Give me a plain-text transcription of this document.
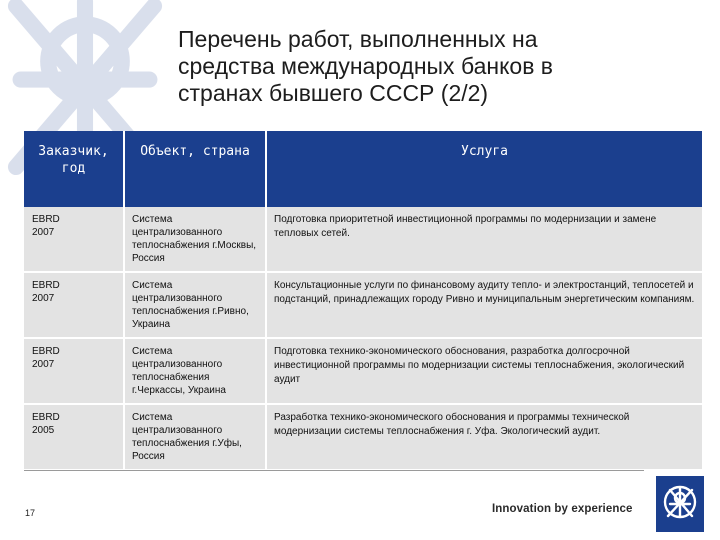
Перечень работ, выполненных на
средства международных банков в
странах бывшего СССР (2/2)
Заказчик, год	Объект, страна	Услуга

EBRD
2007	Система централизованного теплоснабжения г.Москвы, Россия	Подготовка приоритетной инвестиционной программы по модернизации и замене тепловых сетей.

EBRD
2007	Система централизованного теплоснабжения г.Ривно, Украина	Консультационные услуги по финансовому аудиту тепло- и электростанций, теплосетей и подстанций, принадлежащих городу Ривно и муниципальным энергетическим компаниям.

EBRD
2007	Система централизованного теплоснабжения г.Черкассы, Украина	Подготовка технико-экономического обоснования, разработка долгосрочной инвестиционной программы по модернизации системы теплоснабжения, экологический аудит

EBRD
2005	Система централизованного теплоснабжения г.Уфы, Россия	Разработка технико-экономического обоснования и программы технической модернизации системы теплоснабжения г. Уфа. Экологический аудит.
17	Innovation by experience
